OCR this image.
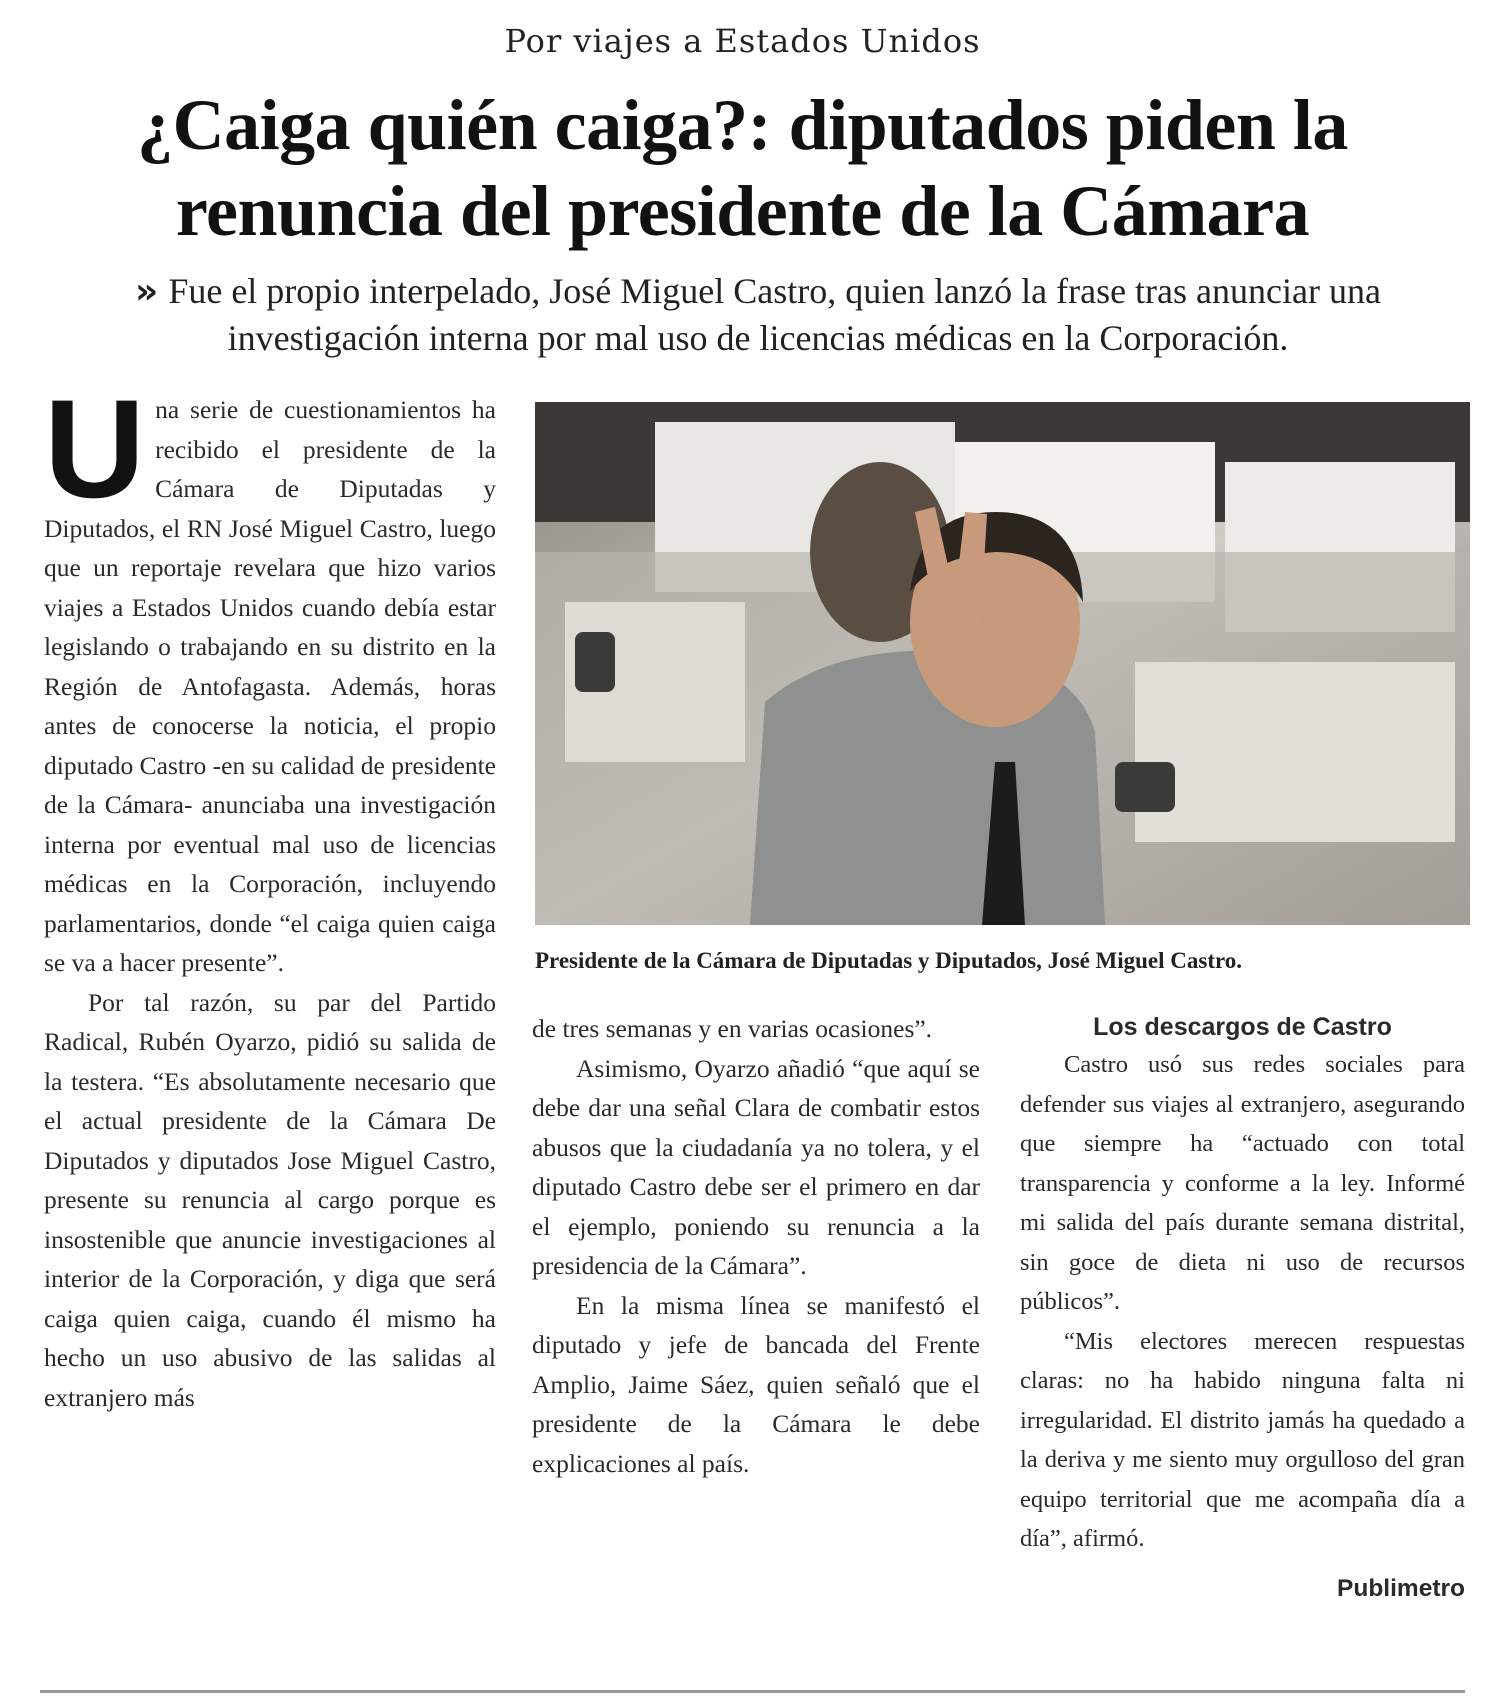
Por viajes a Estados Unidos
¿Caiga quién caiga?: diputados piden la
renuncia del presidente de la Cámara
» Fue el propio interpelado, José Miguel Castro, quien lanzó la frase tras anunciar una investigación interna por mal uso de licencias médicas en la Corporación.

Una serie de cuestionamientos ha recibido el presidente de la Cámara de Diputadas y Diputados, el RN José Miguel Castro, luego que un reportaje revelara que hizo varios viajes a Estados Unidos cuando debía estar legislando o trabajando en su distrito en la Región de Antofagasta. Además, horas antes de conocerse la noticia, el propio diputado Castro -en su calidad de presidente de la Cámara- anunciaba una investigación interna por eventual mal uso de licencias médicas en la Corporación, incluyendo parlamentarios, donde “el caiga quien caiga se va a hacer presente”.

Por tal razón, su par del Partido Radical, Rubén Oyarzo, pidió su salida de la testera. “Es absolutamente necesario que el actual presidente de la Cámara De Diputados y diputados Jose Miguel Castro, presente su renuncia al cargo porque es insostenible que anuncie investigaciones al interior de la Corporación, y diga que será caiga quien caiga, cuando él mismo ha hecho un uso abusivo de las salidas al extranjero más

Presidente de la Cámara de Diputadas y Diputados, José Miguel Castro.

de tres semanas y en varias ocasiones”.

Asimismo, Oyarzo añadió “que aquí se debe dar una señal Clara de combatir estos abusos que la ciudadanía ya no tolera, y el diputado Castro debe ser el primero en dar el ejemplo, poniendo su renuncia a la presidencia de la Cámara”.

En la misma línea se manifestó el diputado y jefe de bancada del Frente Amplio, Jaime Sáez, quien señaló que el presidente de la Cámara le debe explicaciones al país.

Los descargos de Castro

Castro usó sus redes sociales para defender sus viajes al extranjero, asegurando que siempre ha “actuado con total transparencia y conforme a la ley. Informé mi salida del país durante semana distrital, sin goce de dieta ni uso de recursos públicos”.

“Mis electores merecen respuestas claras: no ha habido ninguna falta ni irregularidad. El distrito jamás ha quedado a la deriva y me siento muy orgulloso del gran equipo territorial que me acompaña día a día”, afirmó.

Publimetro
